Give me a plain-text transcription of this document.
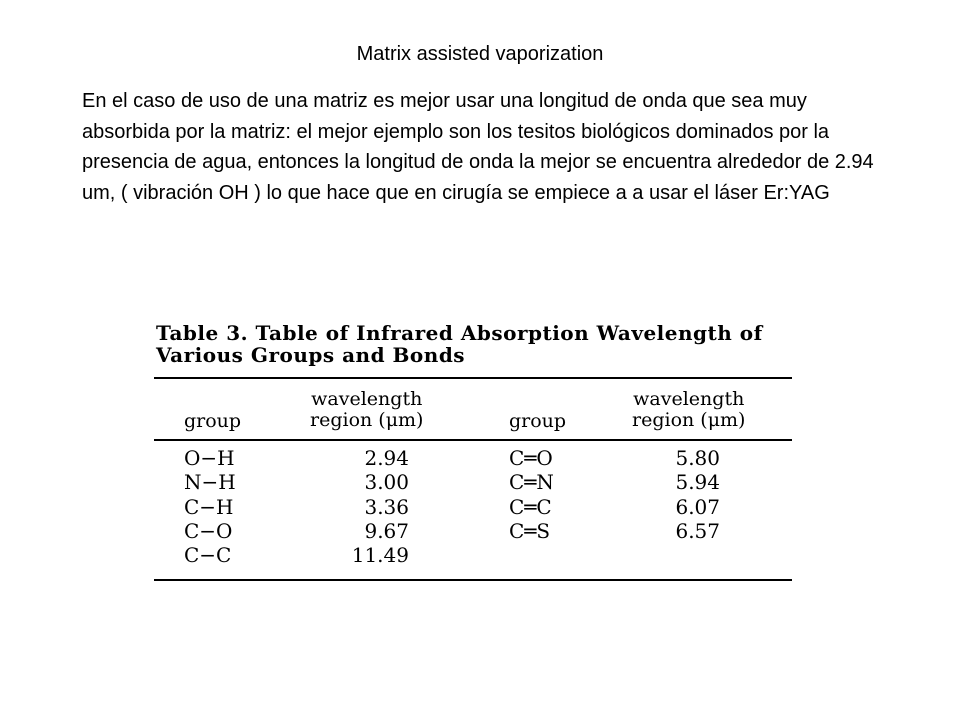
Matrix assisted vaporization

En el caso de uso de una matriz es mejor usar una longitud de onda que sea muy absorbida por la matriz: el mejor ejemplo son los tesitos biológicos dominados por la presencia de agua, entonces la longitud de onda la mejor se encuentra alrededor de 2.94 um, ( vibración OH ) lo que hace que en cirugía se empiece a a usar el láser Er:YAG

Table 3. Table of Infrared Absorption Wavelength of
Various Groups and Bonds
group
wavelength
region (μm)	group
wavelength
region (μm)
O−H
N−H
C−H
C−O
C−C
2.94
3.00
3.36
9.67
11.49
C═O
C═N
C═C
C═S
5.80
5.94
6.07
6.57
